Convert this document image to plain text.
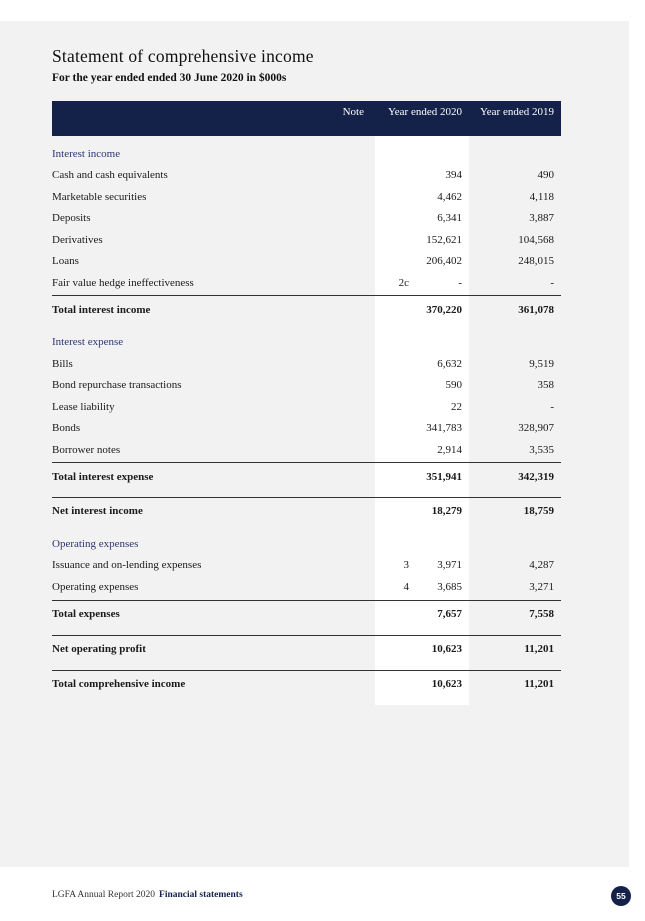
Statement of comprehensive income
For the year ended ended 30 June 2020 in $000s
Note	Year ended 2020	Year ended 2019
Interest income
Cash and cash equivalents	394	490
Marketable securities	4,462	4,118
Deposits	6,341	3,887
Derivatives	152,621	104,568
Loans	206,402	248,015
Fair value hedge ineffectiveness	2c	-	-
Total interest income	370,220	361,078
Interest expense
Bills	6,632	9,519
Bond repurchase transactions	590	358
Lease liability	22	-
Bonds	341,783	328,907
Borrower notes	2,914	3,535
Total interest expense	351,941	342,319
Net interest income	18,279	18,759
Operating expenses
Issuance and on-lending expenses	3	3,971	4,287
Operating expenses	4	3,685	3,271
Total expenses	7,657	7,558
Net operating profit	10,623	11,201
Total comprehensive income	10,623	11,201
LGFA Annual Report 2020 Financial statements	55
